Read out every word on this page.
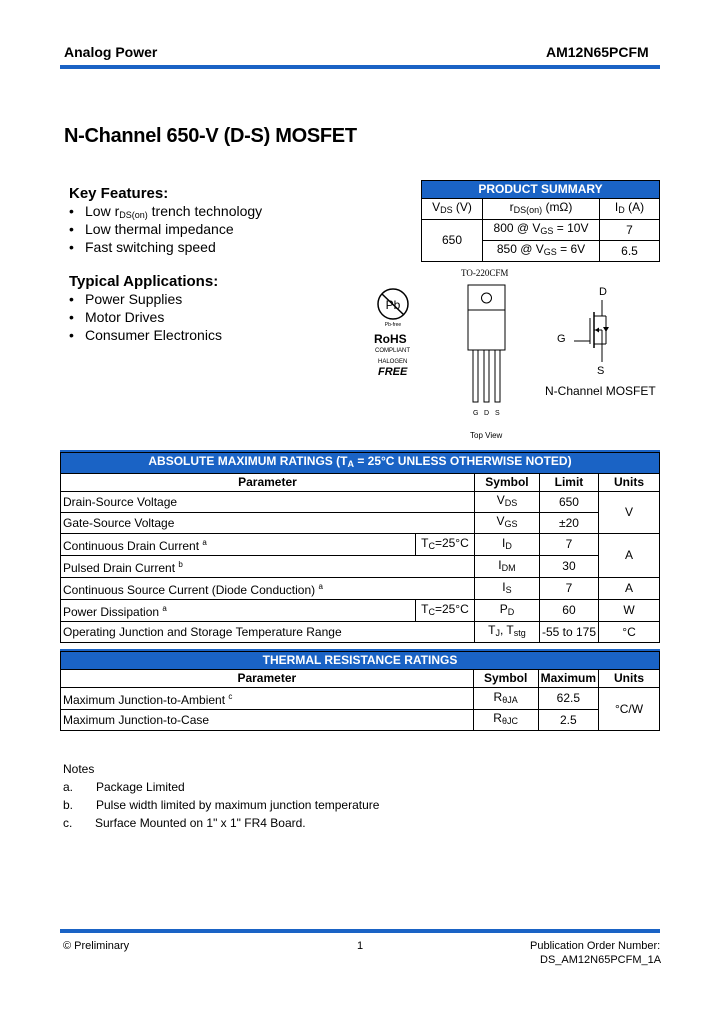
Analog Power	AM12N65PCFM
N-Channel 650-V (D-S) MOSFET
Key Features:
• Low $r_{DS(on)}$ trench technology
• Low thermal impedance
• Fast switching speed
Typical Applications:
• Power Supplies
• Motor Drives
• Consumer Electronics
PRODUCT SUMMARY		
$V_{DS}$ (V)	$r_{DS(on)}$ (mΩ)	$I_D$ (A)
650	800 @ $V_{GS} = 10V$	7
	850 @ $V_{GS} = 6V$	6.5
Pb
Pb-free
RoHS
COMPLIANT
HALOGEN
FREE
TO-220CFM
G D S
Top View
D
G
S
N-Channel MOSFET
ABSOLUTE MAXIMUM RATINGS ($T_A = 25^\circ C$ UNLESS OTHERWISE NOTED)				
Parameter		Symbol	Limit	Units
Drain-Source Voltage		$V_{DS}$	650	V
Gate-Source Voltage		$V_{GS}$	±20	
Continuous Drain Current $^a$	$T_C=25^\circ C$	$I_D$	7	A
Pulsed Drain Current $^b$		$I_{DM}$	30	
Continuous Source Current (Diode Conduction) $^a$		$I_S$	7	A
Power Dissipation $^a$	$T_C=25^\circ C$	$P_D$	60	W
Operating Junction and Storage Temperature Range		$T_J$, $T_{stg}$	-55 to 175	°C
THERMAL RESISTANCE RATINGS			
Parameter	Symbol	Maximum	Units
Maximum Junction-to-Ambient $^c$	$R_{\theta JA}$	62.5	°C/W
Maximum Junction-to-Case	$R_{\theta JC}$	2.5	
Notes
a. Package Limited
b. Pulse width limited by maximum junction temperature
c. Surface Mounted on 1" x 1" FR4 Board.
© Preliminary	1	Publication Order Number:
DS_AM12N65PCFM_1A
